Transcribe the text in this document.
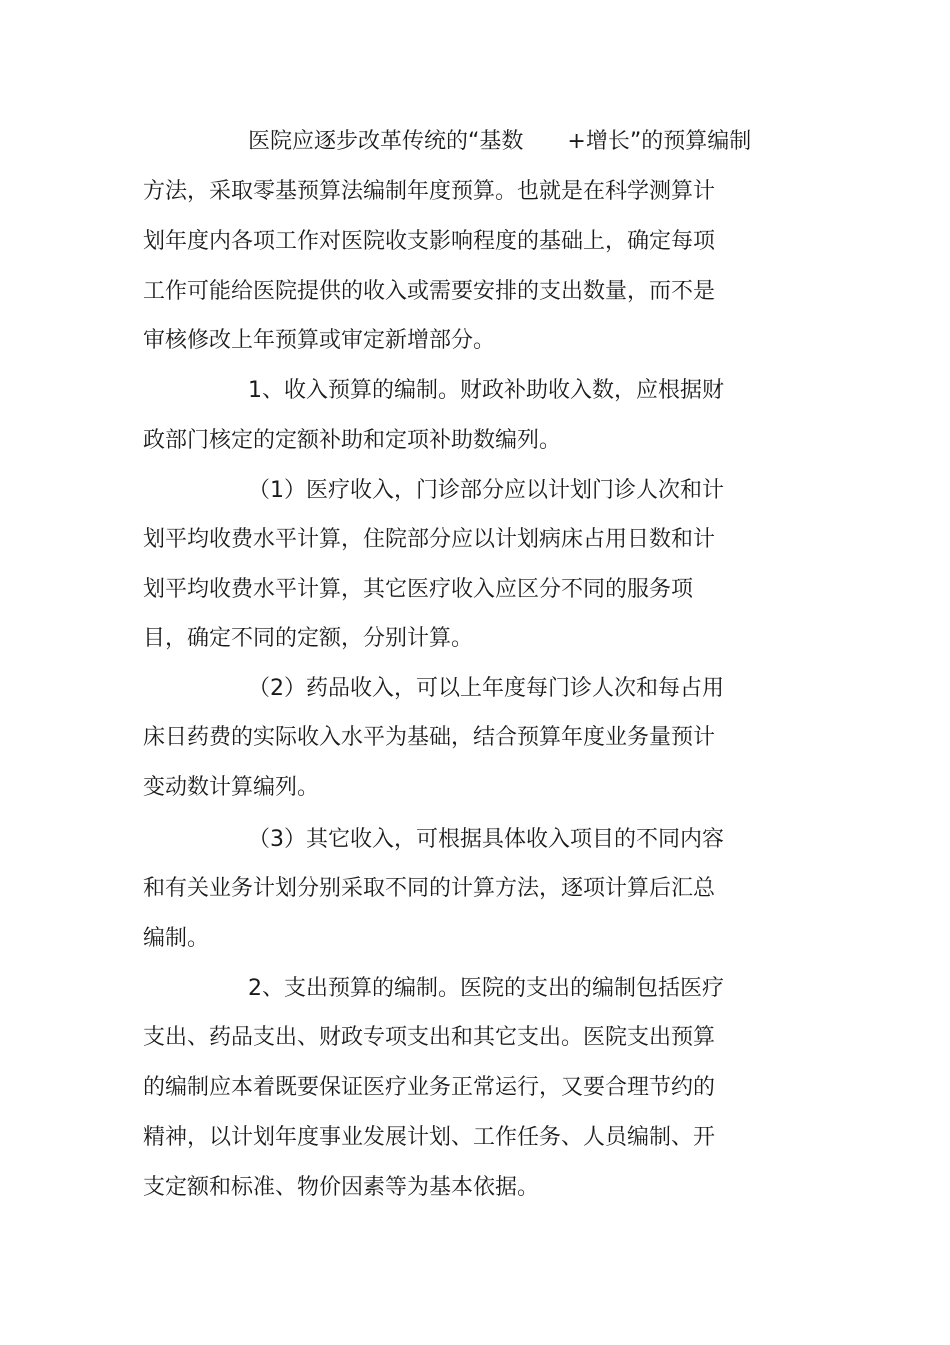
医院应逐步改革传统的“基数　　+增长”的预算编制
方法，采取零基预算法编制年度预算。也就是在科学测算计
划年度内各项工作对医院收支影响程度的基础上，确定每项
工作可能给医院提供的收入或需要安排的支出数量，而不是
审核修改上年预算或审定新增部分。
1、收入预算的编制。财政补助收入数，应根据财
政部门核定的定额补助和定项补助数编列。
（1）医疗收入，门诊部分应以计划门诊人次和计
划平均收费水平计算，住院部分应以计划病床占用日数和计
划平均收费水平计算，其它医疗收入应区分不同的服务项
目，确定不同的定额，分别计算。
（2）药品收入，可以上年度每门诊人次和每占用
床日药费的实际收入水平为基础，结合预算年度业务量预计
变动数计算编列。
（3）其它收入，可根据具体收入项目的不同内容
和有关业务计划分别采取不同的计算方法，逐项计算后汇总
编制。
2、支出预算的编制。医院的支出的编制包括医疗
支出、药品支出、财政专项支出和其它支出。医院支出预算
的编制应本着既要保证医疗业务正常运行，又要合理节约的
精神，以计划年度事业发展计划、工作任务、人员编制、开
支定额和标准、物价因素等为基本依据。
